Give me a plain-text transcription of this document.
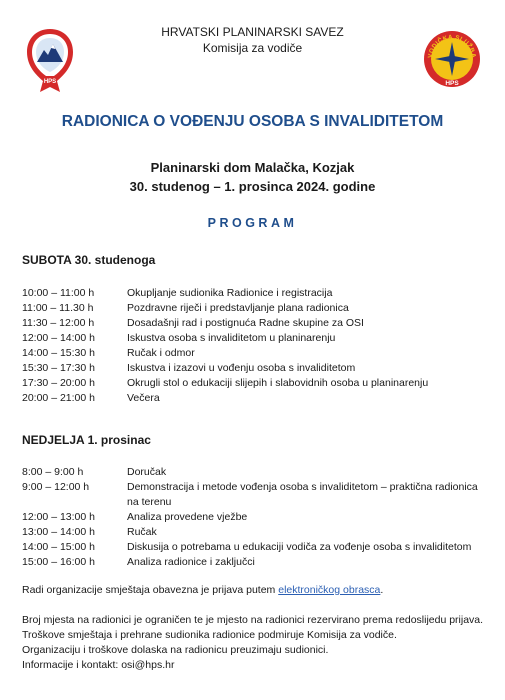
HPS
VODIČKA SLUŽBA
HPS
HRVATSKI PLANINARSKI SAVEZ
Komisija za vodiče
RADIONICA O VOĐENJU OSOBA S INVALIDITETOM
Planinarski dom Malačka, Kozjak
30. studenog – 1. prosinca 2024. godine
PROGRAM
SUBOTA 30. studenoga
10:00 – 11:00 h	Okupljanje sudionika Radionice i registracija
11:00 – 11.30 h	Pozdravne riječi i predstavljanje plana radionica
11:30 – 12:00 h	Dosadašnji rad i postignuća Radne skupine za OSI
12:00 – 14:00 h	Iskustva osoba s invaliditetom u planinarenju
14:00 – 15:30 h	Ručak i odmor
15:30 – 17:30 h	Iskustva i izazovi u vođenju osoba s invaliditetom
17:30 – 20:00 h	Okrugli stol o edukaciji slijepih i slabovidnih osoba u planinarenju
20:00 – 21:00 h	Večera
NEDJELJA 1. prosinac
8:00 – 9:00 h	Doručak
9:00 – 12:00 h	Demonstracija i metode vođenja osoba s invaliditetom – praktična radionica na terenu
12:00 – 13:00 h	Analiza provedene vježbe
13:00 – 14:00 h	Ručak
14:00 – 15:00 h	Diskusija o potrebama u edukaciji vodiča za vođenje osoba s invaliditetom
15:00 – 16:00 h	Analiza radionice i zaključci
Radi organizacije smještaja obavezna je prijava putem elektroničkog obrasca.
Broj mjesta na radionici je ograničen te je mjesto na radionici rezervirano prema redoslijedu prijava.
Troškove smještaja i prehrane sudionika radionice podmiruje Komisija za vodiče.
Organizaciju i troškove dolaska na radionicu preuzimaju sudionici.
Informacije i kontakt: osi@hps.hr
